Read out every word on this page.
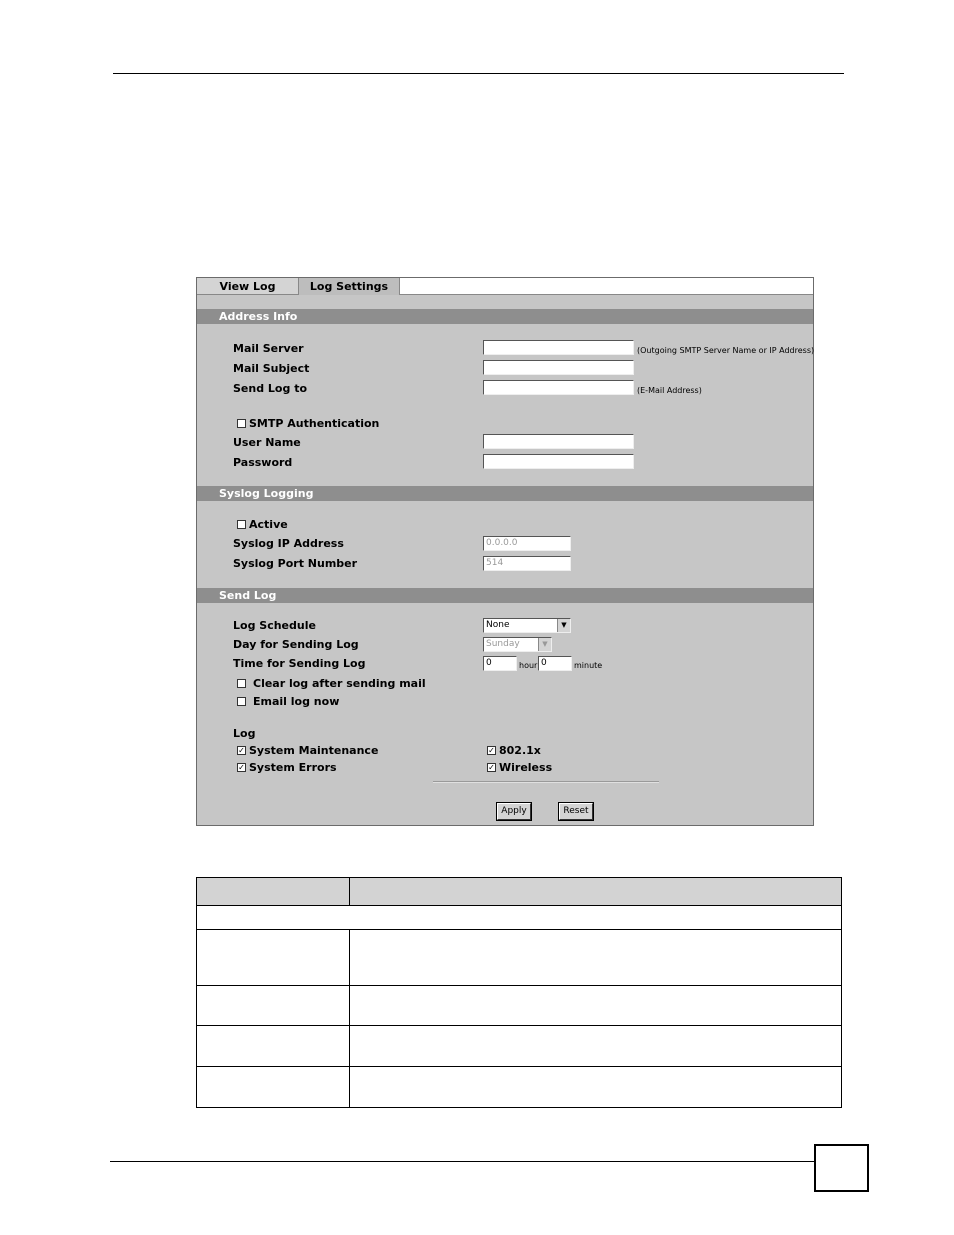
View Log	Log Settings
Address Info
Mail Server	(Outgoing SMTP Server Name or IP Address)
Mail Subject
Send Log to	(E-Mail Address)
SMTP Authentication
User Name
Password
Syslog Logging
Active
Syslog IP Address	0.0.0.0
Syslog Port Number	514
Send Log
Log Schedule	None	▼
Day for Sending Log	Sunday	▼
Time for Sending Log	0	hour 0	minute
Clear log after sending mail
Email log now
Log
✓ System Maintenance	✓ 802.1x
✓ System Errors	✓ Wireless
Apply	Reset
